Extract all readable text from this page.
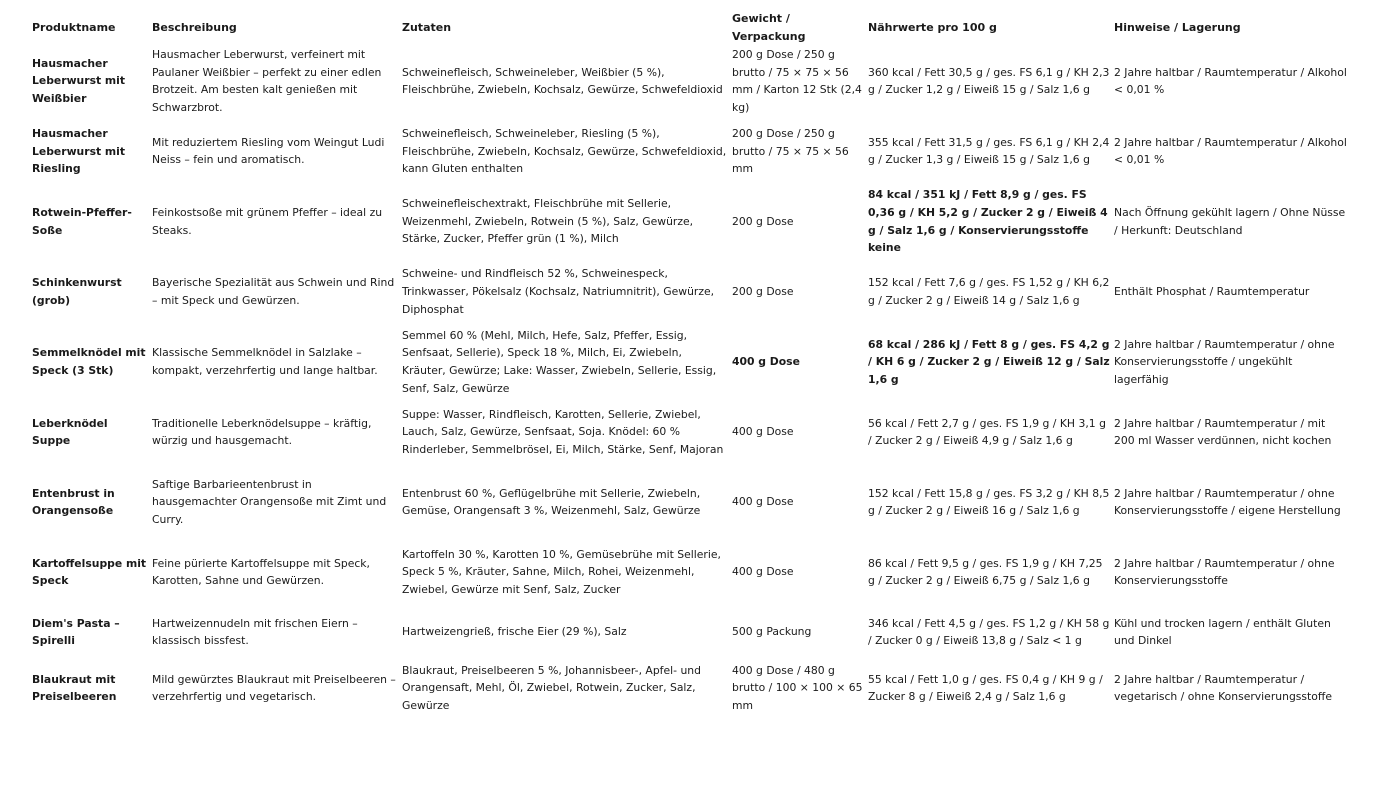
Produktname	Beschreibung	Zutaten	Gewicht / Verpackung	Nährwerte pro 100 g	Hinweise / Lagerung
Hausmacher Leberwurst mit Weißbier	Hausmacher Leberwurst, verfeinert mit Paulaner Weißbier – perfekt zu einer edlen Brotzeit. Am besten kalt genießen mit Schwarzbrot.	Schweinefleisch, Schweineleber, Weißbier (5 %), Fleischbrühe, Zwiebeln, Kochsalz, Gewürze, Schwefeldioxid	200 g Dose / 250 g brutto / 75 × 75 × 56 mm / Karton 12 Stk (2,4 kg)	360 kcal / Fett 30,5 g / ges. FS 6,1 g / KH 2,3 g / Zucker 1,2 g / Eiweiß 15 g / Salz 1,6 g	2 Jahre haltbar / Raumtemperatur / Alkohol < 0,01 %
Hausmacher Leberwurst mit Riesling	Mit reduziertem Riesling vom Weingut Ludi Neiss – fein und aromatisch.	Schweinefleisch, Schweineleber, Riesling (5 %), Fleischbrühe, Zwiebeln, Kochsalz, Gewürze, Schwefeldioxid, kann Gluten enthalten	200 g Dose / 250 g brutto / 75 × 75 × 56 mm	355 kcal / Fett 31,5 g / ges. FS 6,1 g / KH 2,4 g / Zucker 1,3 g / Eiweiß 15 g / Salz 1,6 g	2 Jahre haltbar / Raumtemperatur / Alkohol < 0,01 %
Rotwein-Pfeffer-Soße	Feinkostsoße mit grünem Pfeffer – ideal zu Steaks.	Schweinefleischextrakt, Fleischbrühe mit Sellerie, Weizenmehl, Zwiebeln, Rotwein (5 %), Salz, Gewürze, Stärke, Zucker, Pfeffer grün (1 %), Milch	200 g Dose	84 kcal / 351 kJ / Fett 8,9 g / ges. FS 0,36 g / KH 5,2 g / Zucker 2 g / Eiweiß 4 g / Salz 1,6 g / Konservierungsstoffe keine	Nach Öffnung gekühlt lagern / Ohne Nüsse / Herkunft: Deutschland
Schinkenwurst (grob)	Bayerische Spezialität aus Schwein und Rind – mit Speck und Gewürzen.	Schweine- und Rindfleisch 52 %, Schweinespeck, Trinkwasser, Pökelsalz (Kochsalz, Natriumnitrit), Gewürze, Diphosphat	200 g Dose	152 kcal / Fett 7,6 g / ges. FS 1,52 g / KH 6,2 g / Zucker 2 g / Eiweiß 14 g / Salz 1,6 g	Enthält Phosphat / Raumtemperatur
Semmelknödel mit Speck (3 Stk)	Klassische Semmelknödel in Salzlake – kompakt, verzehrfertig und lange haltbar.	Semmel 60 % (Mehl, Milch, Hefe, Salz, Pfeffer, Essig, Senfsaat, Sellerie), Speck 18 %, Milch, Ei, Zwiebeln, Kräuter, Gewürze; Lake: Wasser, Zwiebeln, Sellerie, Essig, Senf, Salz, Gewürze	400 g Dose	68 kcal / 286 kJ / Fett 8 g / ges. FS 4,2 g / KH 6 g / Zucker 2 g / Eiweiß 12 g / Salz 1,6 g	2 Jahre haltbar / Raumtemperatur / ohne Konservierungsstoffe / ungekühlt lagerfähig
Leberknödel Suppe	Traditionelle Leberknödelsuppe – kräftig, würzig und hausgemacht.	Suppe: Wasser, Rindfleisch, Karotten, Sellerie, Zwiebel, Lauch, Salz, Gewürze, Senfsaat, Soja. Knödel: 60 % Rinderleber, Semmelbrösel, Ei, Milch, Stärke, Senf, Majoran	400 g Dose	56 kcal / Fett 2,7 g / ges. FS 1,9 g / KH 3,1 g / Zucker 2 g / Eiweiß 4,9 g / Salz 1,6 g	2 Jahre haltbar / Raumtemperatur / mit 200 ml Wasser verdünnen, nicht kochen
Entenbrust in Orangensoße	Saftige Barbarieentenbrust in hausgemachter Orangensoße mit Zimt und Curry.	Entenbrust 60 %, Geflügelbrühe mit Sellerie, Zwiebeln, Gemüse, Orangensaft 3 %, Weizenmehl, Salz, Gewürze	400 g Dose	152 kcal / Fett 15,8 g / ges. FS 3,2 g / KH 8,5 g / Zucker 2 g / Eiweiß 16 g / Salz 1,6 g	2 Jahre haltbar / Raumtemperatur / ohne Konservierungsstoffe / eigene Herstellung
Kartoffelsuppe mit Speck	Feine pürierte Kartoffelsuppe mit Speck, Karotten, Sahne und Gewürzen.	Kartoffeln 30 %, Karotten 10 %, Gemüsebrühe mit Sellerie, Speck 5 %, Kräuter, Sahne, Milch, Rohei, Weizenmehl, Zwiebel, Gewürze mit Senf, Salz, Zucker	400 g Dose	86 kcal / Fett 9,5 g / ges. FS 1,9 g / KH 7,25 g / Zucker 2 g / Eiweiß 6,75 g / Salz 1,6 g	2 Jahre haltbar / Raumtemperatur / ohne Konservierungsstoffe
Diem's Pasta – Spirelli	Hartweizennudeln mit frischen Eiern – klassisch bissfest.	Hartweizengrieß, frische Eier (29 %), Salz	500 g Packung	346 kcal / Fett 4,5 g / ges. FS 1,2 g / KH 58 g / Zucker 0 g / Eiweiß 13,8 g / Salz < 1 g	Kühl und trocken lagern / enthält Gluten und Dinkel
Blaukraut mit Preiselbeeren	Mild gewürztes Blaukraut mit Preiselbeeren – verzehrfertig und vegetarisch.	Blaukraut, Preiselbeeren 5 %, Johannisbeer-, Apfel- und Orangensaft, Mehl, Öl, Zwiebel, Rotwein, Zucker, Salz, Gewürze	400 g Dose / 480 g brutto / 100 × 100 × 65 mm	55 kcal / Fett 1,0 g / ges. FS 0,4 g / KH 9 g / Zucker 8 g / Eiweiß 2,4 g / Salz 1,6 g	2 Jahre haltbar / Raumtemperatur / vegetarisch / ohne Konservierungsstoffe
